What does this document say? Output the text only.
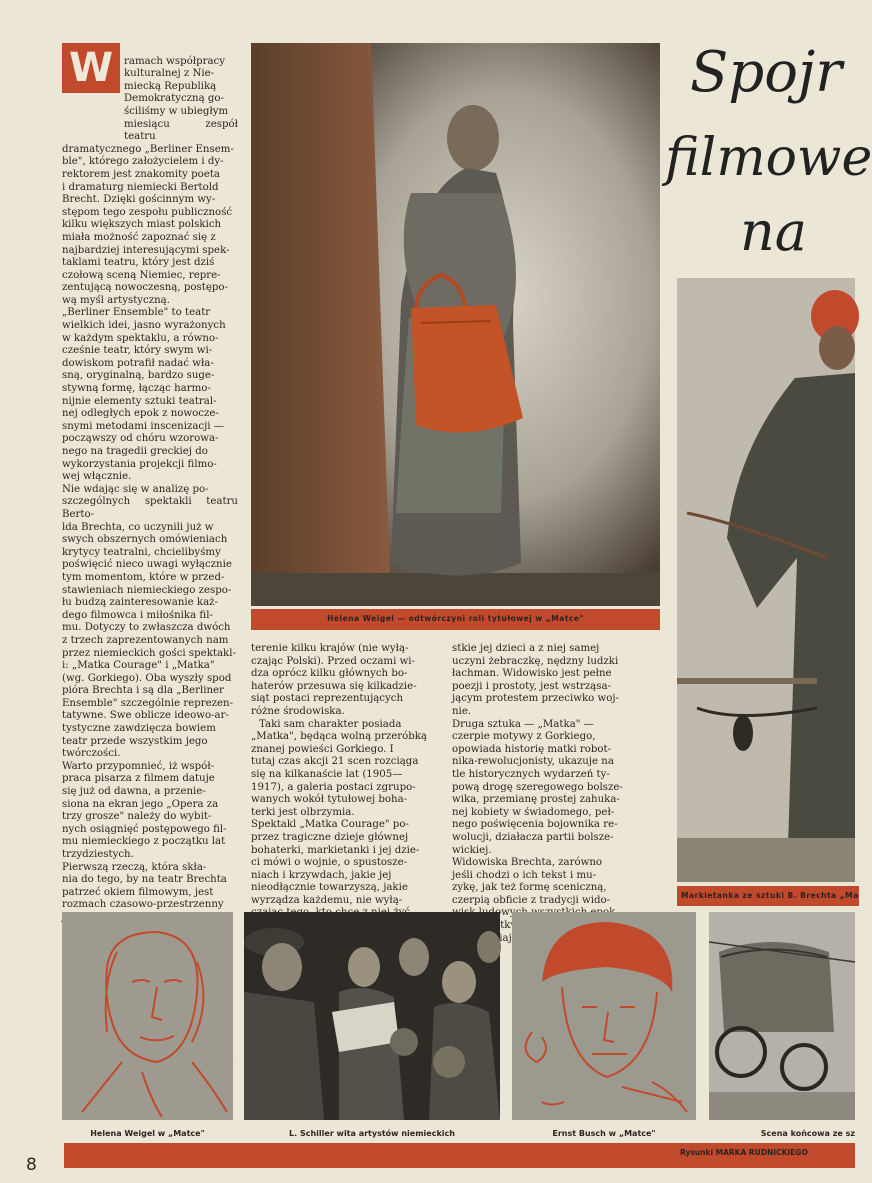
W	ramach współpracy
kulturalnej z Nie-
miecką Republiką
Demokratyczną go-
ściliśmy w ubiegłym
miesiącu zespół teatru
dramatycznego „Berliner Ensem-
ble", którego założycielem i dy-
rektorem jest znakomity poeta
i dramaturg niemiecki Bertold
Brecht. Dzięki gościnnym wy-
stępom tego zespołu publiczność
kilku większych miast polskich
miała możność zapoznać się z
najbardziej interesującymi spek-
taklami teatru, który jest dziś
czołową sceną Niemiec, repre-
zentującą nowoczesną, postępo-
wą myśl artystyczną.
„Berliner Ensemble" to teatr
wielkich idei, jasno wyrażonych
w każdym spektaklu, a równo-
cześnie teatr, który swym wi-
dowiskom potrafił nadać wła-
sną, oryginalną, bardzo suge-
stywną formę, łącząc harmo-
nijnie elementy sztuki teatral-
nej odległych epok z nowocze-
snymi metodami inscenizacji —
począwszy od chóru wzorowa-
nego na tragedii greckiej do
wykorzystania projekcji filmo-
wej włącznie.
Nie wdając się w analizę po-
szczególnych spektakli teatru Berto-
lda Brechta, co uczynili już w
swych obszernych omówieniach
krytycy teatralni, chcielibyśmy
poświęcić nieco uwagi wyłącznie
tym momentom, które w przed-
stawieniach niemieckiego zespo-
łu budzą zainteresowanie każ-
dego filmowca i miłośnika fil-
mu. Dotyczy to zwłaszcza dwóch
z trzech zaprezentowanych nam
przez niemieckich gości spektakl-
i: „Matka Courage" i „Matka"
(wg. Gorkiego). Oba wyszły spod
pióra Brechta i są dla „Berliner
Ensemble" szczególnie reprezen-
tatywne. Swe oblicze ideowo-ar-
tystyczne zawdzięcza bowiem
teatr przede wszystkim jego
twórczości.
Warto przypomnieć, iż współ-
praca pisarza z filmem datuje
się już od dawna, a przenie-
siona na ekran jego „Opera za
trzy grosze" należy do wybit-
nych osiągnięć postępowego fil-
mu niemieckiego z początku lat
trzydziestych.
Pierwszą rzeczą, która skła-
nia do tego, by na teatr Brechta
patrzeć okiem filmowym, jest
rozmach czasowo-przestrzenny

terenie kilku krajów (nie wyłą-
czając Polski). Przed oczami wi-
dza oprócz kilku głównych bo-
haterów przesuwa się kilkadzie-
siąt postaci reprezentujących
różne środowiska.
Taki sam charakter posiada
„Matka", będąca wolną przeróbką
znanej powieści Gorkiego. I
tutaj czas akcji 21 scen rozciąga
się na kilkanaście lat (1905—
1917), a galeria postaci zgrupo-
wanych wokół tytułowej boha-
terki jest olbrzymia.
Spektakl „Matka Courage" po-
przez tragiczne dzieje głównej
bohaterki, markietanki i jej dzie-
ci mówi o wojnie, o spustosze-
niach i krzywdach, jakie jej
nieodłącznie towarzyszą, jakie
wyrządza każdemu, nie wyłą-

stkie jej dzieci a z niej samej
uczyni żebraczkę, nędzny ludzki
łachman. Widowisko jest pełne
poezji i prostoty, jest wstrząsa-
jącym protestem przeciwko woj-
nie.
Druga sztuka — „Matka" —
czerpie motywy z Gorkiego,
opowiada historię matki robot-
nika-rewolucjonisty, ukazuje na
tle historycznych wydarzeń ty-
pową drogę szeregowego bolsze-
wika, przemianę prostej zahuka-
nej kobiety w świadomego, peł-
nego poświęcenia bojownika re-
wolucji, działacza partii bolsze-
wickiej.
Widowiska Brechta, zarówno
jeśli chodzi o ich tekst i mu-
zykę, jak też formę sceniczną,
czerpią obficie z tradycji wido-
ludowych

Helena Weigel — odtwórczyni roli tytułowej w „Matce"
Spojr
filmowe
na
Markietanka ze sztuki B. Brechta „Ma
Helena Weigel w „Matce"	L. Schiller wita artystów niemieckich	Ernst Busch w „Matce"	Scena końcowa ze sz
Rysunki MARKA RUDNICKIEGO
8
